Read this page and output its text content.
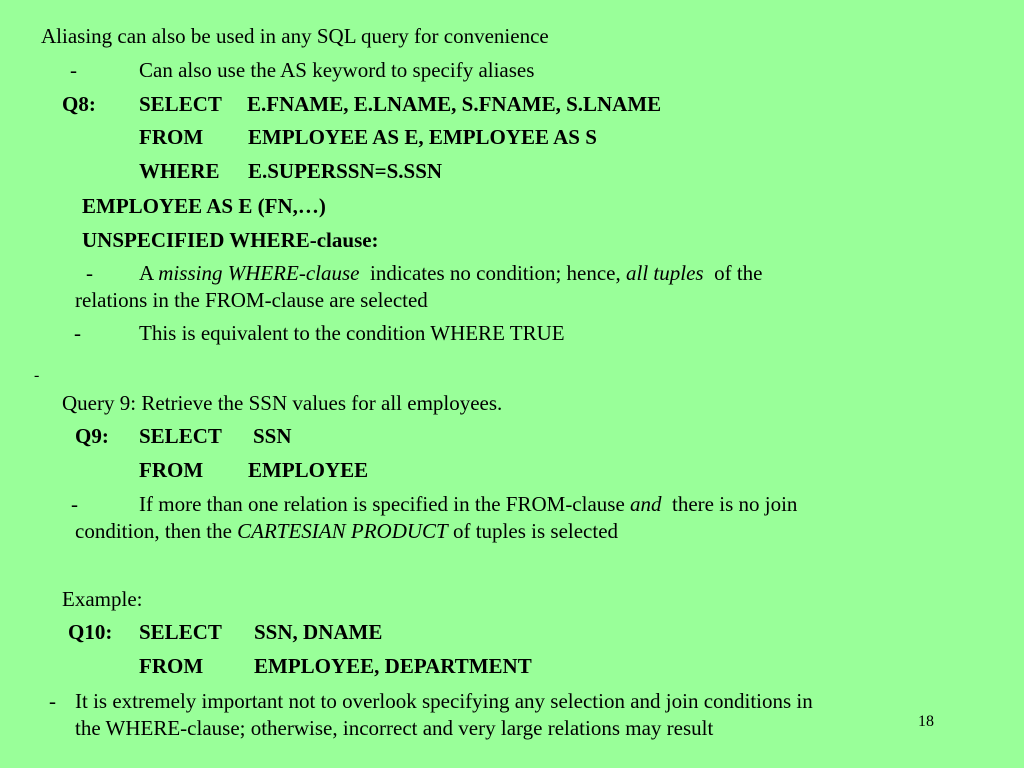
Aliasing can also be used in any SQL query for convenience
-	Can also use the AS keyword to specify aliases
Q8: SELECT E.FNAME, E.LNAME, S.FNAME, S.LNAME
FROM EMPLOYEE AS E, EMPLOYEE AS S
WHERE E.SUPERSSN=S.SSN
EMPLOYEE AS E (FN,…)
UNSPECIFIED WHERE-clause:
- A missing WHERE-clause indicates no condition; hence, all tuples of the
relations in the FROM-clause are selected
-	This is equivalent to the condition WHERE TRUE
-
Query 9: Retrieve the SSN values for all employees.
Q9: SELECT SSN
FROM EMPLOYEE
-	If more than one relation is specified in the FROM-clause and there is no join
condition, then the CARTESIAN PRODUCT of tuples is selected
Example:
Q10: SELECT SSN, DNAME
FROM EMPLOYEE, DEPARTMENT
- It is extremely important not to overlook specifying any selection and join conditions in
the WHERE-clause; otherwise, incorrect and very large relations may result	18
